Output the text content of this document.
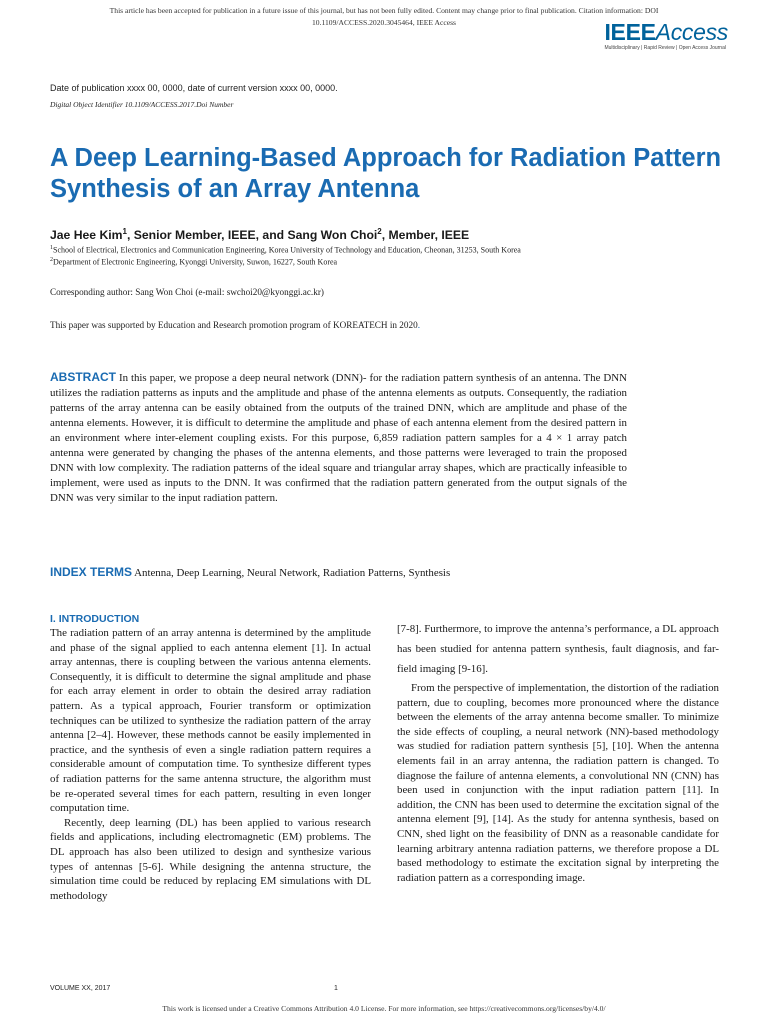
This article has been accepted for publication in a future issue of this journal, but has not been fully edited. Content may change prior to final publication. Citation information: DOI
10.1109/ACCESS.2020.3045464, IEEE Access	IEEEAccess
Multidisciplinary | Rapid Review | Open Access Journal
Date of publication xxxx 00, 0000, date of current version xxxx 00, 0000.
Digital Object Identifier 10.1109/ACCESS.2017.Doi Number
A Deep Learning-Based Approach for Radiation Pattern Synthesis of an Array Antenna
Jae Hee Kim$^1$, Senior Member, IEEE, and Sang Won Choi$^2$, Member, IEEE
$^1$School of Electrical, Electronics and Communication Engineering, Korea University of Technology and Education, Cheonan, 31253, South Korea
$^2$Department of Electronic Engineering, Kyonggi University, Suwon, 16227, South Korea
Corresponding author: Sang Won Choi (e-mail: swchoi20@kyonggi.ac.kr)
This paper was supported by Education and Research promotion program of KOREATECH in 2020.
ABSTRACT In this paper, we propose a deep neural network (DNN)- for the radiation pattern synthesis of an antenna. The DNN utilizes the radiation patterns as inputs and the amplitude and phase of the antenna elements as outputs. Consequently, the radiation patterns of the array antenna can be easily obtained from the outputs of the trained DNN, which are amplitude and phase of the antenna elements. However, it is difficult to determine the amplitude and phase of each antenna element from the desired pattern in an environment where inter-element coupling exists. For this purpose, 6,859 radiation pattern samples for a 4 × 1 array patch antenna were generated by changing the phases of the antenna elements, and those patterns were leveraged to train the proposed DNN with low complexity. The radiation patterns of the ideal square and triangular array shapes, which are practically infeasible to implement, were used as inputs to the DNN. It was confirmed that the radiation pattern generated from the output signals of the DNN was very similar to the input radiation pattern.
INDEX TERMS Antenna, Deep Learning, Neural Network, Radiation Patterns, Synthesis
I. INTRODUCTION

The radiation pattern of an array antenna is determined by the amplitude and phase of the signal applied to each antenna element [1]. In actual array antennas, there is coupling between the various antenna elements. Consequently, it is difficult to determine the signal amplitude and phase for each array element in order to obtain the desired array radiation pattern. As a typical approach, Fourier transform or optimization techniques can be utilized to synthesize the radiation pattern of the array antenna [2–4]. However, these methods cannot be easily implemented in practice, and the synthesis of even a single radiation pattern requires a considerable amount of computation time. To synthesize different types of radiation patterns for the same antenna structure, the algorithm must be re-operated several times for each pattern, resulting in even longer computation time.

Recently, deep learning (DL) has been applied to various research fields and applications, including electromagnetic (EM) problems. The DL approach has also been utilized to design and synthesize various types of antennas [5-6]. While designing the antenna structure, the simulation time could be reduced by replacing EM simulations with DL methodology

[7-8]. Furthermore, to improve the antenna’s performance, a DL approach has been studied for antenna pattern synthesis, fault diagnosis, and far-field imaging [9-16].

From the perspective of implementation, the distortion of the radiation pattern, due to coupling, becomes more pronounced where the distance between the elements of the array antenna become smaller. To minimize the side effects of coupling, a neural network (NN)-based methodology was studied for radiation pattern synthesis [5], [10]. When the antenna elements fail in an array antenna, the radiation pattern is changed. To diagnose the failure of antenna elements, a convolutional NN (CNN) has been used in conjunction with the input radiation pattern [11]. In addition, the CNN has been used to determine the excitation signal of the antenna element [9], [14]. As the study for antenna synthesis, based on CNN, shed light on the feasibility of DNN as a reasonable candidate for learning arbitrary antenna radiation patterns, we therefore propose a DL based methodology to estimate the excitation signal by interpreting the radiation pattern as a corresponding image.

VOLUME XX, 2017	1
This work is licensed under a Creative Commons Attribution 4.0 License. For more information, see https://creativecommons.org/licenses/by/4.0/
